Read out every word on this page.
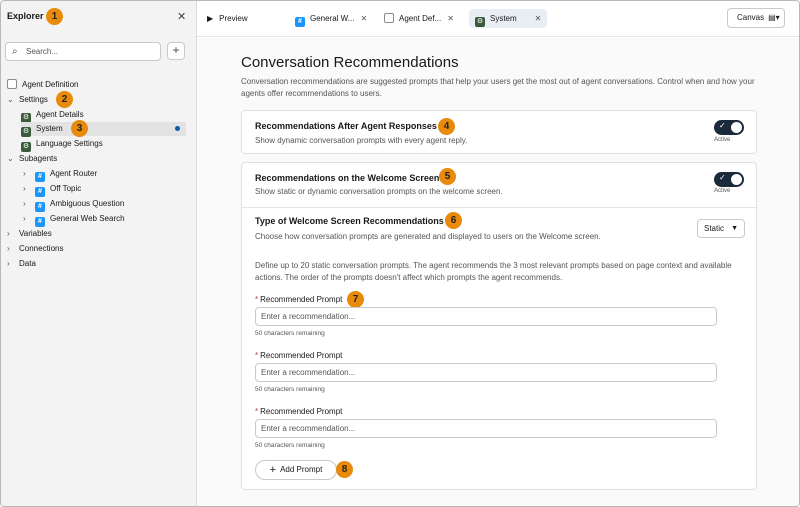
Explorer 1	✕
⌕ Search...	+
Agent Definition
⌄ Settings	2
⚙ Agent Details
⚙ System	3
⚙ Language Settings
⌄ Subagents
› # Agent Router
› # Off Topic
› # Ambiguous Question
› # General Web Search
› Variables
› Connections
› Data
▶ Preview	# General W... ✕	Agent Def... ✕	⚙ System ✕	Canvas ▤▾
Conversation Recommendations
Conversation recommendations are suggested prompts that help your users get the most out of agent conversations. Control when and how your agents offer recommendations to users.
Recommendations After Agent Responses 4
Show dynamic conversation prompts with every agent reply.
✓
Active
Recommendations on the Welcome Screen 5
Show static or dynamic conversation prompts on the welcome screen.
✓
Active
Type of Welcome Screen Recommendations 6
Choose how conversation prompts are generated and displayed to users on the Welcome screen.
Static ▼
Define up to 20 static conversation prompts. The agent recommends the 3 most relevant prompts based on page context and available actions. The order of the prompts doesn't affect which prompts the agent recommends.
* Recommended Prompt	7
Enter a recommendation...
50 characters remaining
* Recommended Prompt
Enter a recommendation...
50 characters remaining
* Recommended Prompt
Enter a recommendation...
50 characters remaining
+ Add Prompt	8
